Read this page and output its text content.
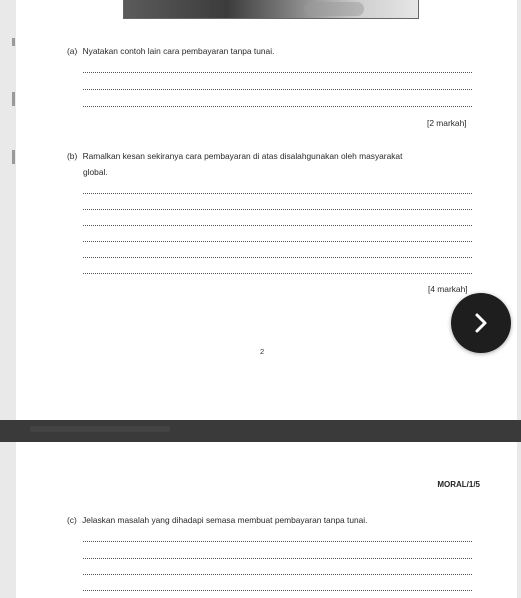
(a) Nyatakan contoh lain cara pembayaran tanpa tunai.
[2 markah]
(b) Ramalkan kesan sekiranya cara pembayaran di atas disalahgunakan oleh masyarakat
global.
[4 markah]
2
MORAL/1/5
(c) Jelaskan masalah yang dihadapi semasa membuat pembayaran tanpa tunai.
